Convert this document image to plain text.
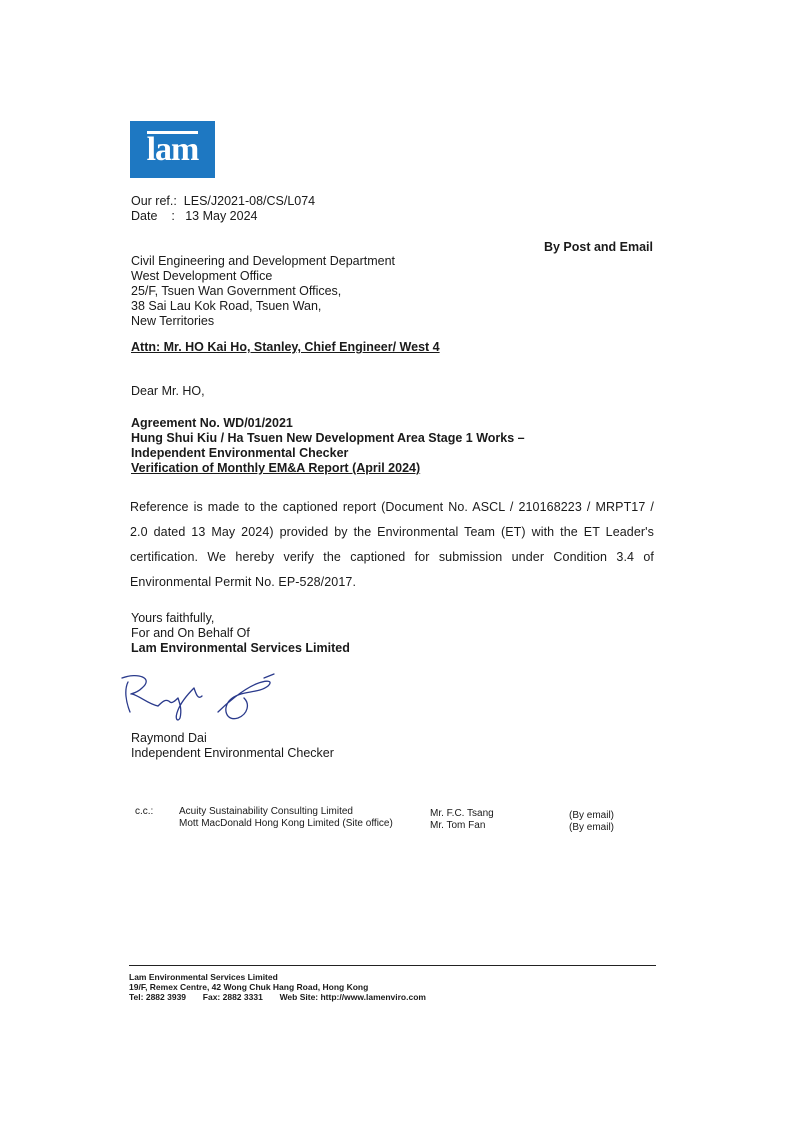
lam
Our ref.: LES/J2021-08/CS/L074
Date : 13 May 2024
By Post and Email
Civil Engineering and Development Department
West Development Office
25/F, Tsuen Wan Government Offices,
38 Sai Lau Kok Road, Tsuen Wan,
New Territories
Attn: Mr. HO Kai Ho, Stanley, Chief Engineer/ West 4
Dear Mr. HO,
Agreement No. WD/01/2021
Hung Shui Kiu / Ha Tsuen New Development Area Stage 1 Works –
Independent Environmental Checker
Verification of Monthly EM&A Report (April 2024)
Reference is made to the captioned report (Document No. ASCL / 210168223 / MRPT17 / 2.0 dated 13 May 2024) provided by the Environmental Team (ET) with the ET Leader's certification. We hereby verify the captioned for submission under Condition 3.4 of Environmental Permit No. EP-528/2017.
Yours faithfully,
For and On Behalf Of
Lam Environmental Services Limited
Raymond Dai
Independent Environmental Checker
c.c.:	Acuity Sustainability Consulting Limited
Mott MacDonald Hong Kong Limited (Site office)
Mr. F.C. Tsang
Mr. Tom Fan
(By email)
(By email)
Lam Environmental Services Limited
19/F, Remex Centre, 42 Wong Chuk Hang Road, Hong Kong
Tel: 2882 3939 Fax: 2882 3331 Web Site: http://www.lamenviro.com
